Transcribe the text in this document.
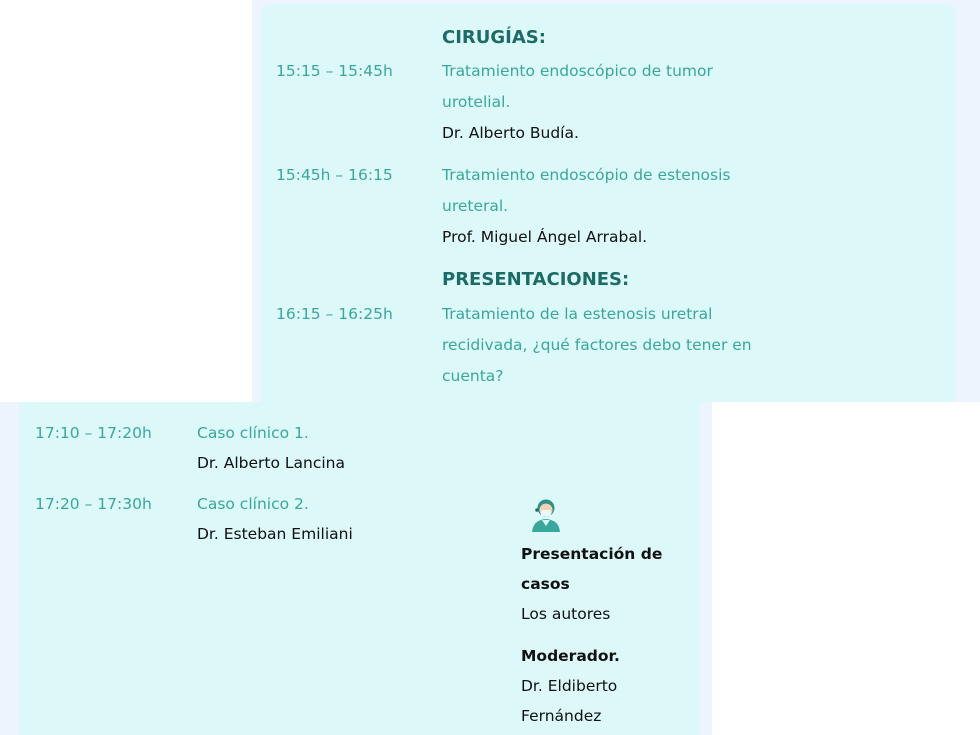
CIRUGÍAS:
15:15 – 15:45h	Tratamiento endoscópico de tumor
urotelial.
Dr. Alberto Budía.
15:45h – 16:15	Tratamiento endoscópio de estenosis
ureteral.
Prof. Miguel Ángel Arrabal.
PRESENTACIONES:
16:15 – 16:25h	Tratamiento de la estenosis uretral
recidivada, ¿qué factores debo tener en
cuenta?
17:10 – 17:20h	Caso clínico 1.
Dr. Alberto Lancina
17:20 – 17:30h	Caso clínico 2.
Dr. Esteban Emiliani
Presentación de
casos
Los autores
Moderador.
Dr. Eldiberto
Fernández
